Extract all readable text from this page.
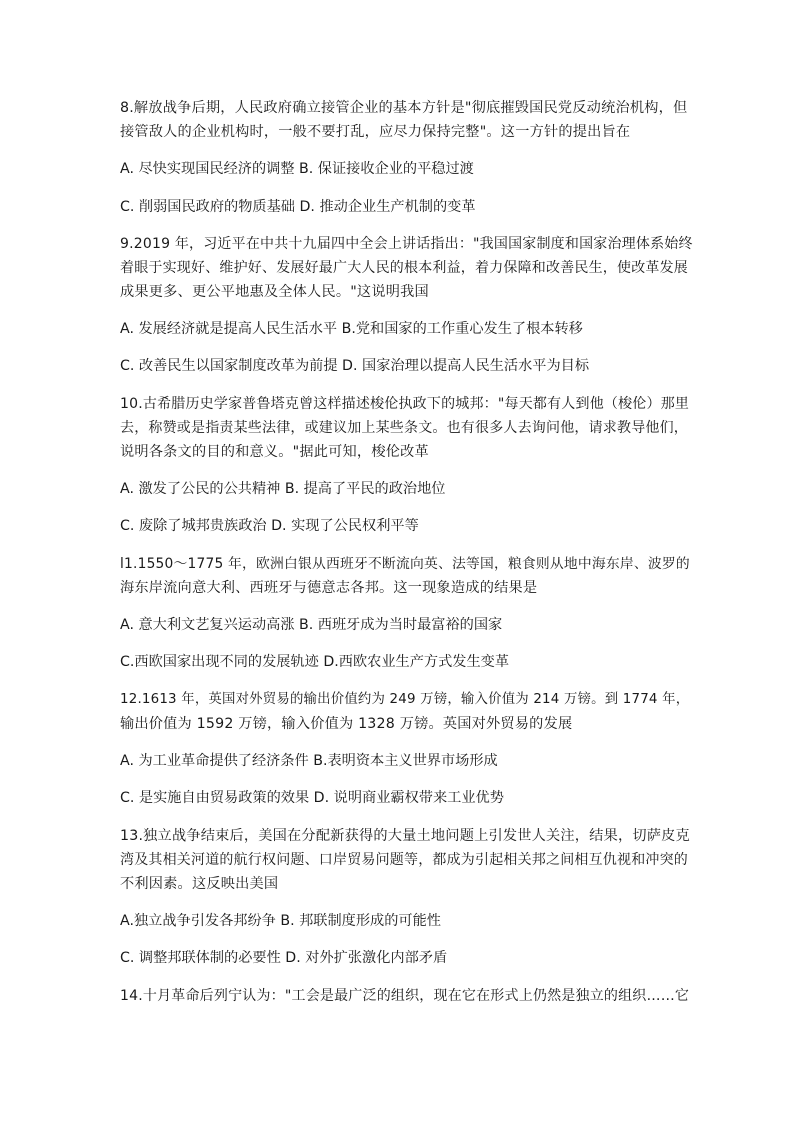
8.解放战争后期，人民政府确立接管企业的基本方针是"彻底摧毁国民党反动统治机构，但
接管敌人的企业机构时，一般不要打乱，应尽力保持完整"。这一方针的提出旨在
A. 尽快实现国民经济的调整 B. 保证接收企业的平稳过渡
C. 削弱国民政府的物质基础 D. 推动企业生产机制的变革
9.2019 年，习近平在中共十九届四中全会上讲话指出："我国国家制度和国家治理体系始终
着眼于实现好、维护好、发展好最广大人民的根本利益，着力保障和改善民生，使改革发展
成果更多、更公平地惠及全体人民。"这说明我国
A. 发展经济就是提高人民生活水平 B.党和国家的工作重心发生了根本转移
C. 改善民生以国家制度改革为前提 D. 国家治理以提高人民生活水平为目标
10.古希腊历史学家普鲁塔克曾这样描述梭伦执政下的城邦："每天都有人到他（梭伦）那里
去，称赞或是指责某些法律，或建议加上某些条文。也有很多人去询问他，请求教导他们，
说明各条文的目的和意义。"据此可知，梭伦改革
A. 激发了公民的公共精神 B. 提高了平民的政治地位
C. 废除了城邦贵族政治 D. 实现了公民权利平等
l1.1550～1775 年，欧洲白银从西班牙不断流向英、法等国，粮食则从地中海东岸、波罗的
海东岸流向意大利、西班牙与德意志各邦。这一现象造成的结果是
A. 意大利文艺复兴运动高涨 B. 西班牙成为当时最富裕的国家
C.西欧国家出现不同的发展轨迹 D.西欧农业生产方式发生变革
12.1613 年，英国对外贸易的输出价值约为 249 万镑，输入价值为 214 万镑。到 1774 年，
输出价值为 1592 万镑，输入价值为 1328 万镑。英国对外贸易的发展
A. 为工业革命提供了经济条件 B.表明资本主义世界市场形成
C. 是实施自由贸易政策的效果 D. 说明商业霸权带来工业优势
13.独立战争结束后，美国在分配新获得的大量土地问题上引发世人关注，结果，切萨皮克
湾及其相关河道的航行权问题、口岸贸易问题等，都成为引起相关邦之间相互仇视和冲突的
不利因素。这反映出美国
A.独立战争引发各邦纷争 B. 邦联制度形成的可能性
C. 调整邦联体制的必要性 D. 对外扩张激化内部矛盾
14.十月革命后列宁认为："工会是最广泛的组织，现在它在形式上仍然是独立的组织……它
